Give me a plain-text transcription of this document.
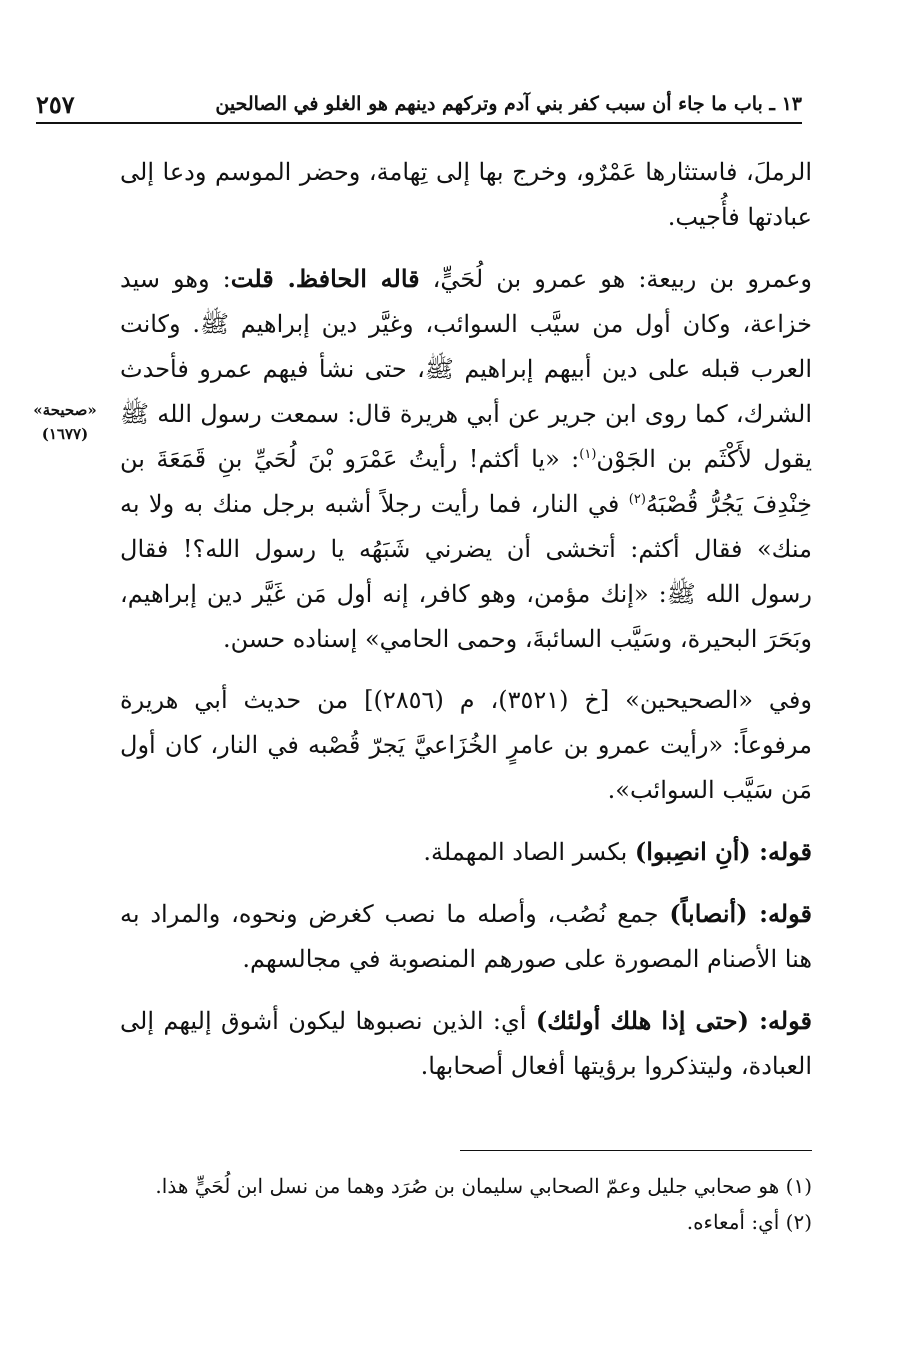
١٣ ـ باب ما جاء أن سبب كفر بني آدم وتركهم دينهم هو الغلو في الصالحين
٢٥٧
«صحيحة»
(١٦٧٧)

الرملَ، فاستثارها عَمْرٌو، وخرج بها إلى تِهامة، وحضر الموسم ودعا إلى عبادتها فأُجيب.

وعمرو بن ربيعة: هو عمرو بن لُحَيٍّ، قاله الحافظ. قلت: وهو سيد خزاعة، وكان أول من سيَّب السوائب، وغيَّر دين إبراهيم ﷺ. وكانت العرب قبله على دين أبيهم إبراهيم ﷺ، حتى نشأ فيهم عمرو فأحدث الشرك، كما روى ابن جرير عن أبي هريرة قال: سمعت رسول الله ﷺ يقول لأَكْثَم بن الجَوْن$^{(١)}$: «يا أكثم! رأيتُ عَمْرَو بْنَ لُحَيِّ بنِ قَمَعَةَ بن خِنْدِفَ يَجُرُّ قُصْبَهُ$^{(٢)}$ في النار، فما رأيت رجلاً أشبه برجل منك به ولا به منك» فقال أكثم: أتخشى أن يضرني شَبَهُه يا رسول الله؟! فقال رسول الله ﷺ: «إنك مؤمن، وهو كافر، إنه أول مَن غَيَّر دين إبراهيم، وبَحَرَ البحيرة، وسَيَّب السائبةَ، وحمى الحامي» إسناده حسن.

وفي «الصحيحين» [خ (٣٥٢١)، م (٢٨٥٦)] من حديث أبي هريرة مرفوعاً: «رأيت عمرو بن عامرٍ الخُزَاعيَّ يَجرّ قُصْبه في النار، كان أول مَن سَيَّب السوائب».

قوله: (أنِ انصِبوا) بكسر الصاد المهملة.

قوله: (أنصاباً) جمع نُصُب، وأصله ما نصب كغرض ونحوه، والمراد به هنا الأصنام المصورة على صورهم المنصوبة في مجالسهم.

قوله: (حتى إذا هلك أولئك) أي: الذين نصبوها ليكون أشوق إليهم إلى العبادة، وليتذكروا برؤيتها أفعال أصحابها.

(١) هو صحابي جليل وعمّ الصحابي سليمان بن صُرَد وهما من نسل ابن لُحَيٍّ هذا.

(٢) أي: أمعاءه.
